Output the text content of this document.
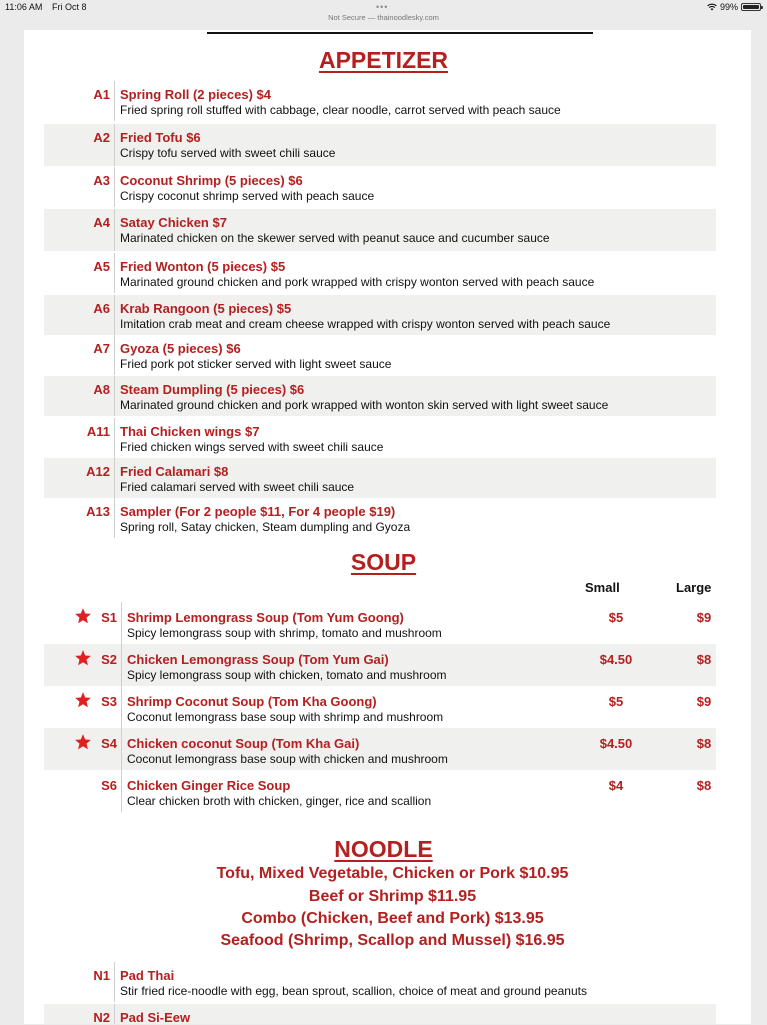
11:06 AM Fri Oct 8	•••	99%
Not Secure — thainoodlesky.com
APPETIZER
A1 Spring Roll (2 pieces) $4
Fried spring roll stuffed with cabbage, clear noodle, carrot served with peach sauce
A2 Fried Tofu $6
Crispy tofu served with sweet chili sauce
A3 Coconut Shrimp (5 pieces) $6
Crispy coconut shrimp served with peach sauce
A4 Satay Chicken $7
Marinated chicken on the skewer served with peanut sauce and cucumber sauce
A5 Fried Wonton (5 pieces) $5
Marinated ground chicken and pork wrapped with crispy wonton served with peach sauce
A6 Krab Rangoon (5 pieces) $5
Imitation crab meat and cream cheese wrapped with crispy wonton served with peach sauce
A7 Gyoza (5 pieces) $6
Fried pork pot sticker served with light sweet sauce
A8 Steam Dumpling (5 pieces) $6
Marinated ground chicken and pork wrapped with wonton skin served with light sweet sauce
A11 Thai Chicken wings $7
Fried chicken wings served with sweet chili sauce
A12 Fried Calamari $8
Fried calamari served with sweet chili sauce
A13 Sampler (For 2 people $11, For 4 people $19)
Spring roll, Satay chicken, Steam dumpling and Gyoza
SOUP
Small	Large
S1 Shrimp Lemongrass Soup (Tom Yum Goong)
Spicy lemongrass soup with shrimp, tomato and mushroom
$5	$9
S2 Chicken Lemongrass Soup (Tom Yum Gai)
Spicy lemongrass soup with chicken, tomato and mushroom
$4.50	$8
S3 Shrimp Coconut Soup (Tom Kha Goong)
Coconut lemongrass base soup with shrimp and mushroom
$5	$9
S4 Chicken coconut Soup (Tom Kha Gai)
Coconut lemongrass base soup with chicken and mushroom
$4.50	$8
S6 Chicken Ginger Rice Soup
Clear chicken broth with chicken, ginger, rice and scallion
$4	$8
NOODLE
Tofu, Mixed Vegetable, Chicken or Pork $10.95
Beef or Shrimp $11.95
Combo (Chicken, Beef and Pork) $13.95
Seafood (Shrimp, Scallop and Mussel) $16.95
N1 Pad Thai
Stir fried rice-noodle with egg, bean sprout, scallion, choice of meat and ground peanuts
N2 Pad Si-Eew
